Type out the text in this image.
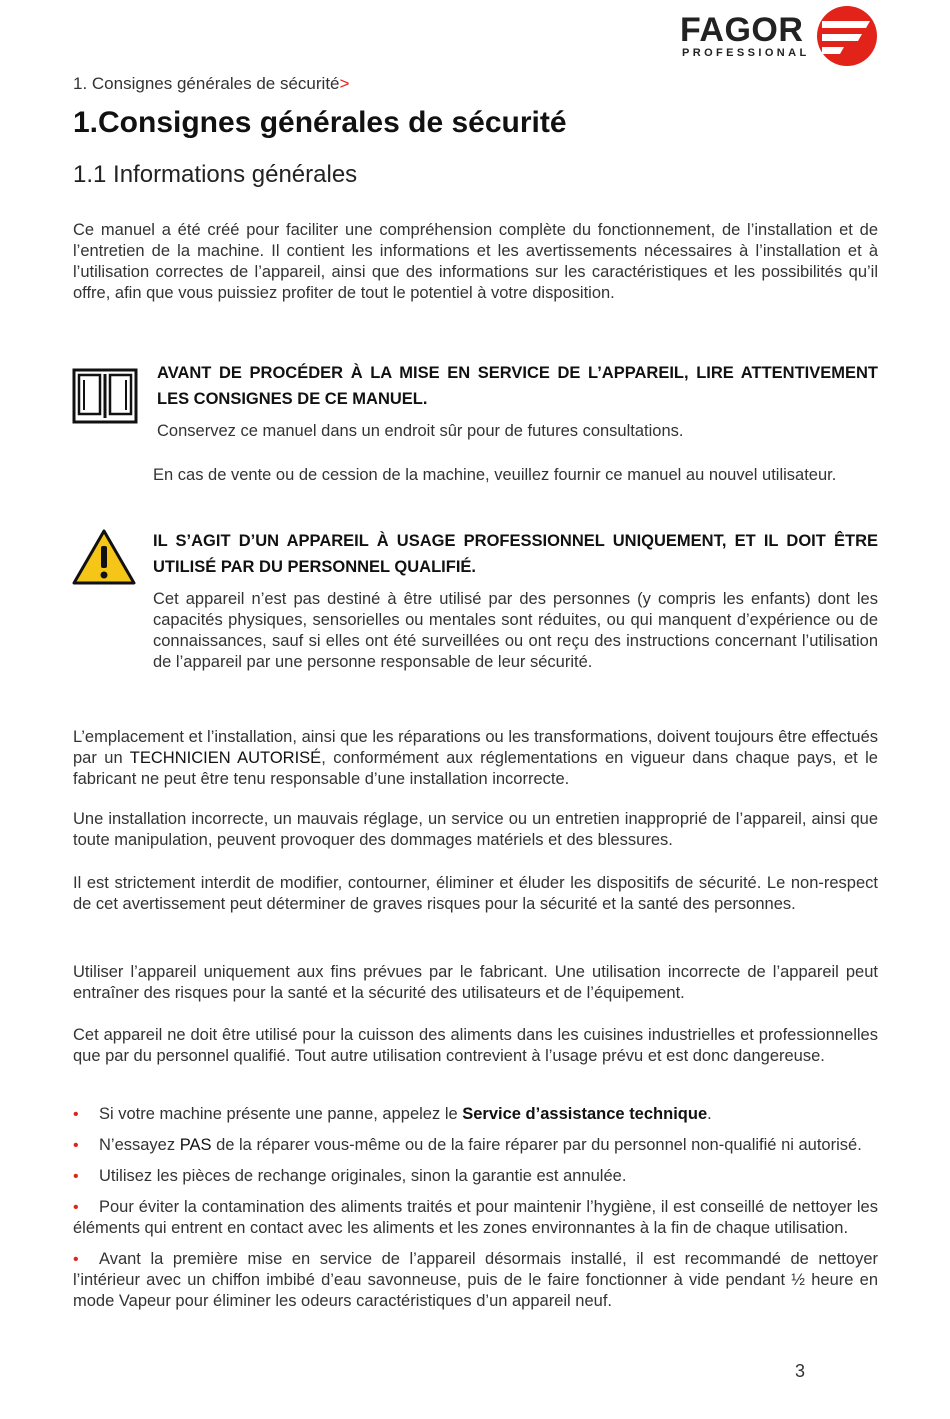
FAGOR
PROFESSIONAL
1. Consignes générales de sécurité>
1.Consignes générales de sécurité
1.1 Informations générales

Ce manuel a été créé pour faciliter une compréhension complète du fonctionnement, de l’installation et de l’entretien de la machine. Il contient les informations et les avertissements nécessaires à l’installation et à l’utilisation correctes de l’appareil, ainsi que des informations sur les caractéristiques et les possibilités qu’il offre, afin que vous puissiez profiter de tout le potentiel à votre disposition.

AVANT DE PROCÉDER À LA MISE EN SERVICE DE L’APPAREIL, LIRE ATTENTIVEMENT LES CONSIGNES DE CE MANUEL.

Conservez ce manuel dans un endroit sûr pour de futures consultations.

En cas de vente ou de cession de la machine, veuillez fournir ce manuel au nouvel utilisateur.

IL S’AGIT D’UN APPAREIL À USAGE PROFESSIONNEL UNIQUEMENT, ET IL DOIT ÊTRE UTILISÉ PAR DU PERSONNEL QUALIFIÉ.

Cet appareil n’est pas destiné à être utilisé par des personnes (y compris les enfants) dont les capacités physiques, sensorielles ou mentales sont réduites, ou qui manquent d’expérience ou de connaissances, sauf si elles ont été surveillées ou ont reçu des instructions concernant l’utilisation de l’appareil par une personne responsable de leur sécurité.

L’emplacement et l’installation, ainsi que les réparations ou les transformations, doivent toujours être effectués par un TECHNICIEN AUTORISÉ, conformément aux réglementations en vigueur dans chaque pays, et le fabricant ne peut être tenu responsable d’une installation incorrecte.

Une installation incorrecte, un mauvais réglage, un service ou un entretien inapproprié de l’appareil, ainsi que toute manipulation, peuvent provoquer des dommages matériels et des blessures.

Il est strictement interdit de modifier, contourner, éliminer et éluder les dispositifs de sécurité. Le non-respect de cet avertissement peut déterminer de graves risques pour la sécurité et la santé des personnes.

Utiliser l’appareil uniquement aux fins prévues par le fabricant. Une utilisation incorrecte de l’appareil peut entraîner des risques pour la santé et la sécurité des utilisateurs et de l’équipement.

Cet appareil ne doit être utilisé pour la cuisson des aliments dans les cuisines industrielles et professionnelles que par du personnel qualifié. Tout autre utilisation contrevient à l’usage prévu et est donc dangereuse.

• Si votre machine présente une panne, appelez le Service d’assistance technique.
• N’essayez PAS de la réparer vous-même ou de la faire réparer par du personnel non-qualifié ni autorisé.
• Utilisez les pièces de rechange originales, sinon la garantie est annulée.
• Pour éviter la contamination des aliments traités et pour maintenir l’hygiène, il est conseillé de nettoyer les éléments qui entrent en contact avec les aliments et les zones environnantes à la fin de chaque utilisation.
• Avant la première mise en service de l’appareil désormais installé, il est recommandé de nettoyer l’intérieur avec un chiffon imbibé d’eau savonneuse, puis de le faire fonctionner à vide pendant ½ heure en mode Vapeur pour éliminer les odeurs caractéristiques d’un appareil neuf.
3
